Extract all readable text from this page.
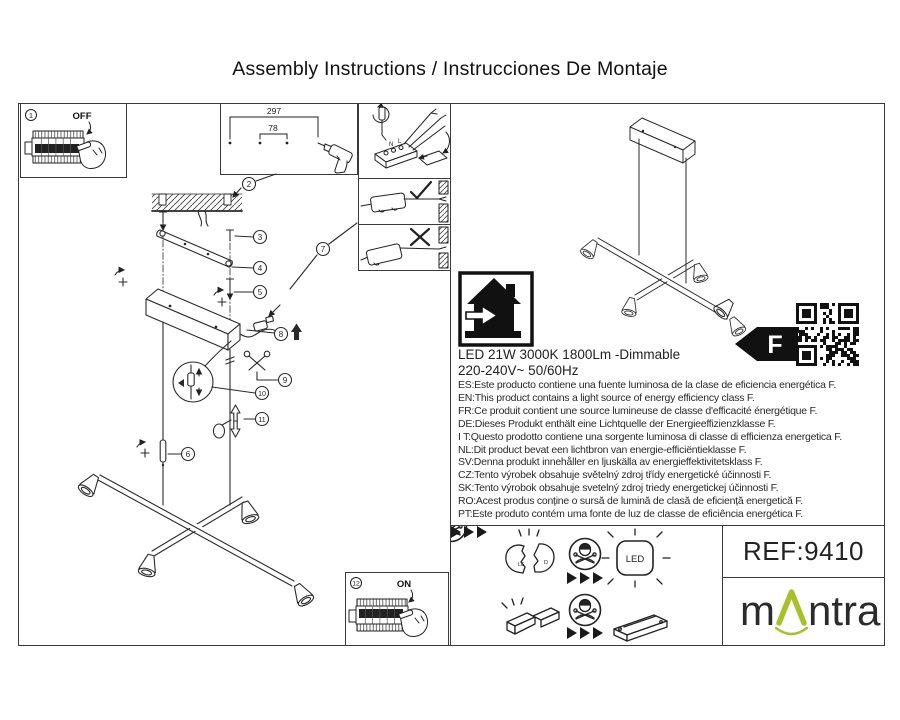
Assembly Instructions / Instrucciones De Montaje
1	OFF	297
78
N L
2
3
4
5
7
8
10
9
11
6
F
LED 21W 3000K 1800Lm -Dimmable
220-240V~ 50/60Hz
ES:Este producto contiene una fuente luminosa de la clase de eficiencia energética F.
EN:This product contains a light source of energy efficiency class F.
FR:Ce produit contient une source lumineuse de classe d'efficacité énergétique F.
DE:Dieses Produkt enthält eine Lichtquelle der Energieeffizienzklasse F.
I T:Questo prodotto contiene una sorgente luminosa di classe di efficienza energetica F.
NL:Dit product bevat een lichtbron van energie-efficiëntieklasse F.
SV:Denna produkt innehåller en ljuskälla av energieffektivitetsklass F.
CZ:Tento výrobek obsahuje světelný zdroj třídy energetické účinnosti F.
SK:Tento výrobok obsahuje svetelný zdroj triedy energetickej účinnosti F.
RO:Acest produs conține o sursă de lumină de clasă de eficiență energetică F.
PT:Este produto contém uma fonte de luz de classe de eficiência energética F.
12	ON
LE	D	LED	REF:9410
m ntra
